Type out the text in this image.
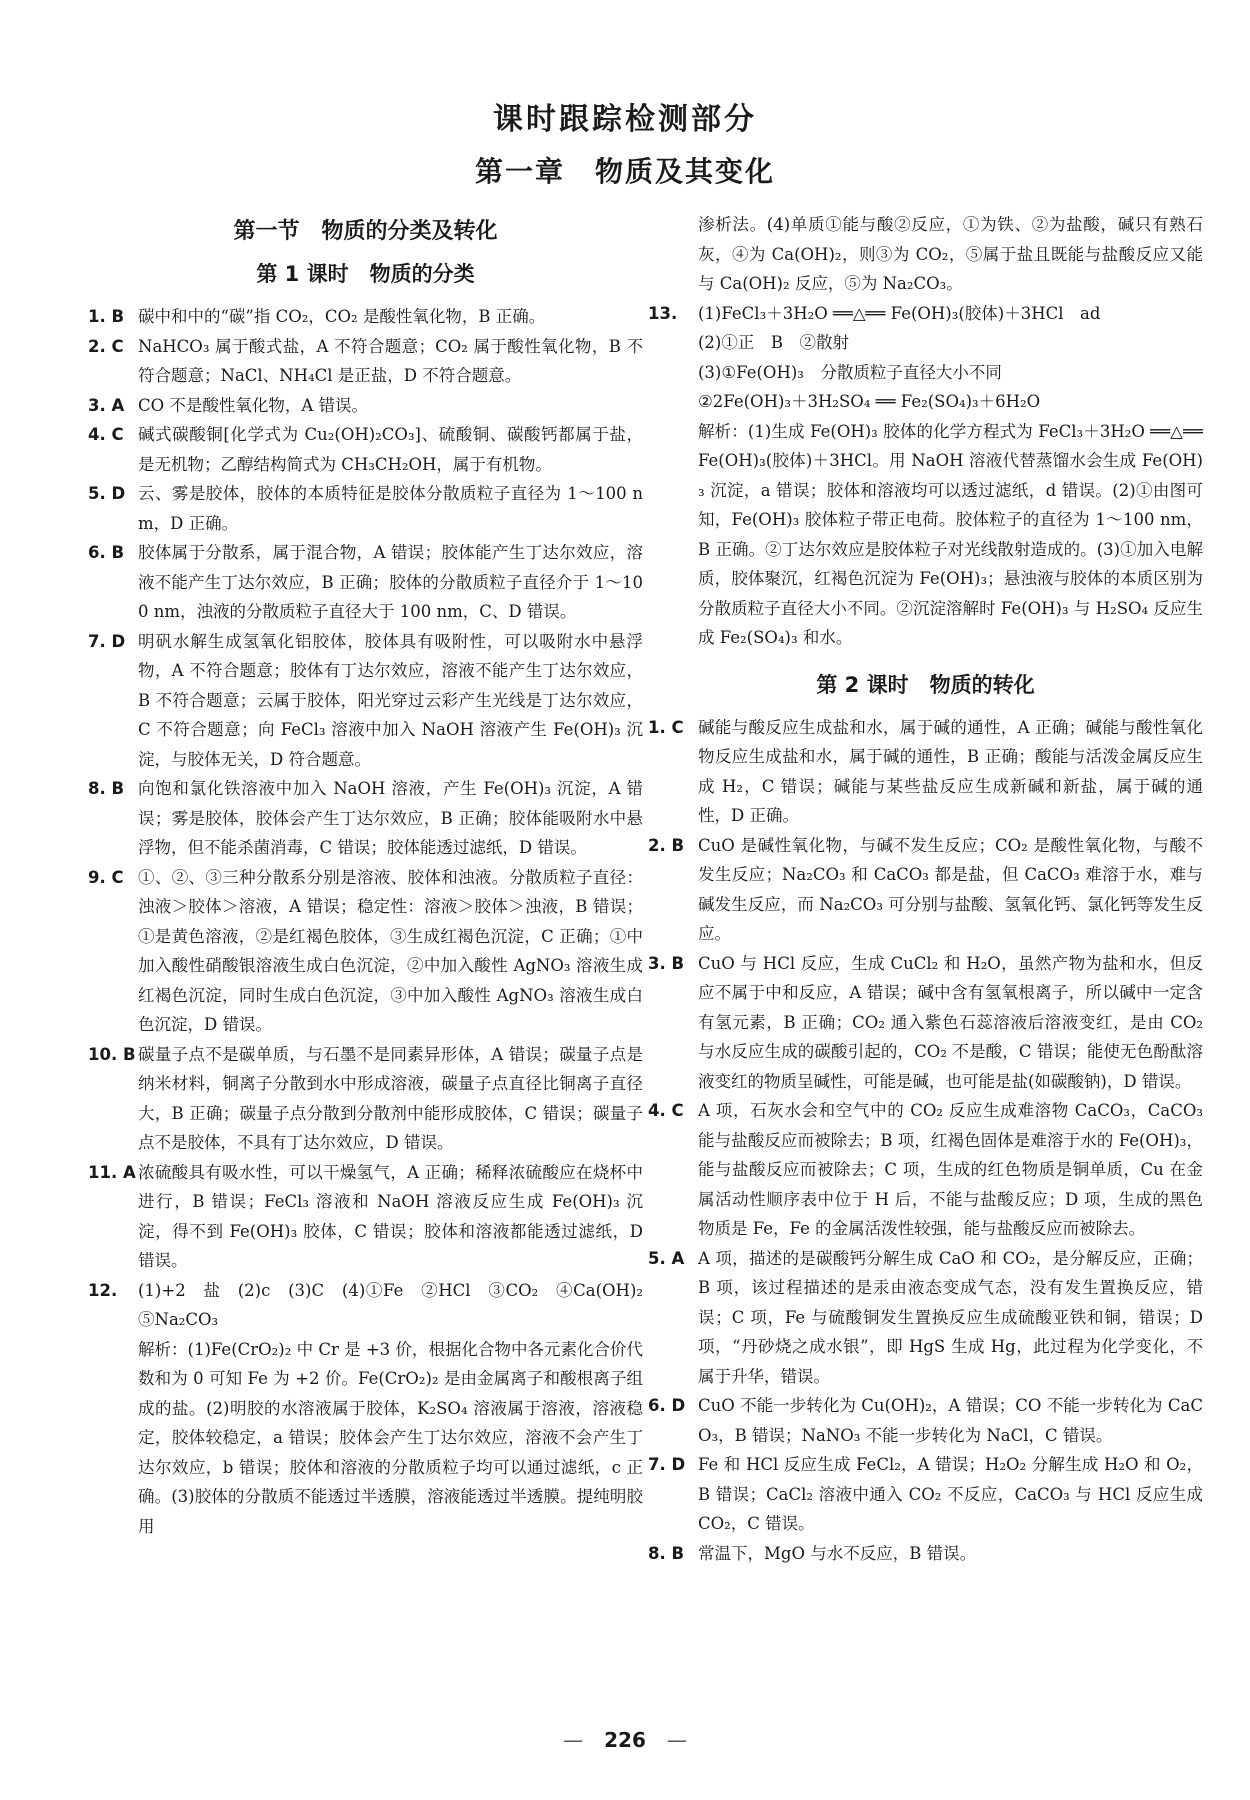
课时跟踪检测部分
第一章　物质及其变化
第一节　物质的分类及转化
第 1 课时　物质的分类
1. B 碳中和中的“碳”指 CO₂，CO₂ 是酸性氧化物，B 正确。
2. C NaHCO₃ 属于酸式盐，A 不符合题意；CO₂ 属于酸性氧化物，B 不符合题意；NaCl、NH₄Cl 是正盐，D 不符合题意。
3. A CO 不是酸性氧化物，A 错误。
4. C 碱式碳酸铜[化学式为 Cu₂(OH)₂CO₃]、硫酸铜、碳酸钙都属于盐，是无机物；乙醇结构简式为 CH₃CH₂OH，属于有机物。
5. D 云、雾是胶体，胶体的本质特征是胶体分散质粒子直径为 1～100 nm，D 正确。
6. B 胶体属于分散系，属于混合物，A 错误；胶体能产生丁达尔效应，溶液不能产生丁达尔效应，B 正确；胶体的分散质粒子直径介于 1～100 nm，浊液的分散质粒子直径大于 100 nm，C、D 错误。
7. D 明矾水解生成氢氧化铝胶体，胶体具有吸附性，可以吸附水中悬浮物，A 不符合题意；胶体有丁达尔效应，溶液不能产生丁达尔效应，B 不符合题意；云属于胶体，阳光穿过云彩产生光线是丁达尔效应，C 不符合题意；向 FeCl₃ 溶液中加入 NaOH 溶液产生 Fe(OH)₃ 沉淀，与胶体无关，D 符合题意。
8. B 向饱和氯化铁溶液中加入 NaOH 溶液，产生 Fe(OH)₃ 沉淀，A 错误；雾是胶体，胶体会产生丁达尔效应，B 正确；胶体能吸附水中悬浮物，但不能杀菌消毒，C 错误；胶体能透过滤纸，D 错误。
9. C ①、②、③三种分散系分别是溶液、胶体和浊液。分散质粒子直径：浊液＞胶体＞溶液，A 错误；稳定性：溶液＞胶体＞浊液，B 错误；①是黄色溶液，②是红褐色胶体，③生成红褐色沉淀，C 正确；①中加入酸性硝酸银溶液生成白色沉淀，②中加入酸性 AgNO₃ 溶液生成红褐色沉淀，同时生成白色沉淀，③中加入酸性 AgNO₃ 溶液生成白色沉淀，D 错误。
10. B 碳量子点不是碳单质，与石墨不是同素异形体，A 错误；碳量子点是纳米材料，铜离子分散到水中形成溶液，碳量子点直径比铜离子直径大，B 正确；碳量子点分散到分散剂中能形成胶体，C 错误；碳量子点不是胶体，不具有丁达尔效应，D 错误。
11. A 浓硫酸具有吸水性，可以干燥氢气，A 正确；稀释浓硫酸应在烧杯中进行，B 错误；FeCl₃ 溶液和 NaOH 溶液反应生成 Fe(OH)₃ 沉淀，得不到 Fe(OH)₃ 胶体，C 错误；胶体和溶液都能透过滤纸，D 错误。
12. (1)+2　盐　(2)c　(3)C　(4)①Fe　②HCl　③CO₂　④Ca(OH)₂　⑤Na₂CO₃
解析：(1)Fe(CrO₂)₂ 中 Cr 是 +3 价，根据化合物中各元素化合价代数和为 0 可知 Fe 为 +2 价。Fe(CrO₂)₂ 是由金属离子和酸根离子组成的盐。(2)明胶的水溶液属于胶体，K₂SO₄ 溶液属于溶液，溶液稳定，胶体较稳定，a 错误；胶体会产生丁达尔效应，溶液不会产生丁达尔效应，b 错误；胶体和溶液的分散质粒子均可以通过滤纸，c 正确。(3)胶体的分散质不能透过半透膜，溶液能透过半透膜。提纯明胶用
渗析法。(4)单质①能与酸②反应，①为铁、②为盐酸，碱只有熟石灰，④为 Ca(OH)₂，则③为 CO₂，⑤属于盐且既能与盐酸反应又能与 Ca(OH)₂ 反应，⑤为 Na₂CO₃。
13. (1)FeCl₃＋3H₂O ══△══ Fe(OH)₃(胶体)＋3HCl　ad
(2)①正　B　②散射
(3)①Fe(OH)₃　分散质粒子直径大小不同
②2Fe(OH)₃＋3H₂SO₄ ══ Fe₂(SO₄)₃＋6H₂O
解析：(1)生成 Fe(OH)₃ 胶体的化学方程式为 FeCl₃＋3H₂O ══△══ Fe(OH)₃(胶体)＋3HCl。用 NaOH 溶液代替蒸馏水会生成 Fe(OH)₃ 沉淀，a 错误；胶体和溶液均可以透过滤纸，d 错误。(2)①由图可知，Fe(OH)₃ 胶体粒子带正电荷。胶体粒子的直径为 1～100 nm，B 正确。②丁达尔效应是胶体粒子对光线散射造成的。(3)①加入电解质，胶体聚沉，红褐色沉淀为 Fe(OH)₃；悬浊液与胶体的本质区别为分散质粒子直径大小不同。②沉淀溶解时 Fe(OH)₃ 与 H₂SO₄ 反应生成 Fe₂(SO₄)₃ 和水。
第 2 课时　物质的转化
1. C 碱能与酸反应生成盐和水，属于碱的通性，A 正确；碱能与酸性氧化物反应生成盐和水，属于碱的通性，B 正确；酸能与活泼金属反应生成 H₂，C 错误；碱能与某些盐反应生成新碱和新盐，属于碱的通性，D 正确。
2. B CuO 是碱性氧化物，与碱不发生反应；CO₂ 是酸性氧化物，与酸不发生反应；Na₂CO₃ 和 CaCO₃ 都是盐，但 CaCO₃ 难溶于水，难与碱发生反应，而 Na₂CO₃ 可分别与盐酸、氢氧化钙、氯化钙等发生反应。
3. B CuO 与 HCl 反应，生成 CuCl₂ 和 H₂O，虽然产物为盐和水，但反应不属于中和反应，A 错误；碱中含有氢氧根离子，所以碱中一定含有氢元素，B 正确；CO₂ 通入紫色石蕊溶液后溶液变红，是由 CO₂ 与水反应生成的碳酸引起的，CO₂ 不是酸，C 错误；能使无色酚酞溶液变红的物质呈碱性，可能是碱，也可能是盐(如碳酸钠)，D 错误。
4. C A 项，石灰水会和空气中的 CO₂ 反应生成难溶物 CaCO₃，CaCO₃ 能与盐酸反应而被除去；B 项，红褐色固体是难溶于水的 Fe(OH)₃，能与盐酸反应而被除去；C 项，生成的红色物质是铜单质，Cu 在金属活动性顺序表中位于 H 后，不能与盐酸反应；D 项，生成的黑色物质是 Fe，Fe 的金属活泼性较强，能与盐酸反应而被除去。
5. A A 项，描述的是碳酸钙分解生成 CaO 和 CO₂，是分解反应，正确；B 项，该过程描述的是汞由液态变成气态，没有发生置换反应，错误；C 项，Fe 与硫酸铜发生置换反应生成硫酸亚铁和铜，错误；D 项，“丹砂烧之成水银”，即 HgS 生成 Hg，此过程为化学变化，不属于升华，错误。
6. D CuO 不能一步转化为 Cu(OH)₂，A 错误；CO 不能一步转化为 CaCO₃，B 错误；NaNO₃ 不能一步转化为 NaCl，C 错误。
7. D Fe 和 HCl 反应生成 FeCl₂，A 错误；H₂O₂ 分解生成 H₂O 和 O₂，B 错误；CaCl₂ 溶液中通入 CO₂ 不反应，CaCO₃ 与 HCl 反应生成 CO₂，C 错误。
8. B 常温下，MgO 与水不反应，B 错误。
— 226 —
